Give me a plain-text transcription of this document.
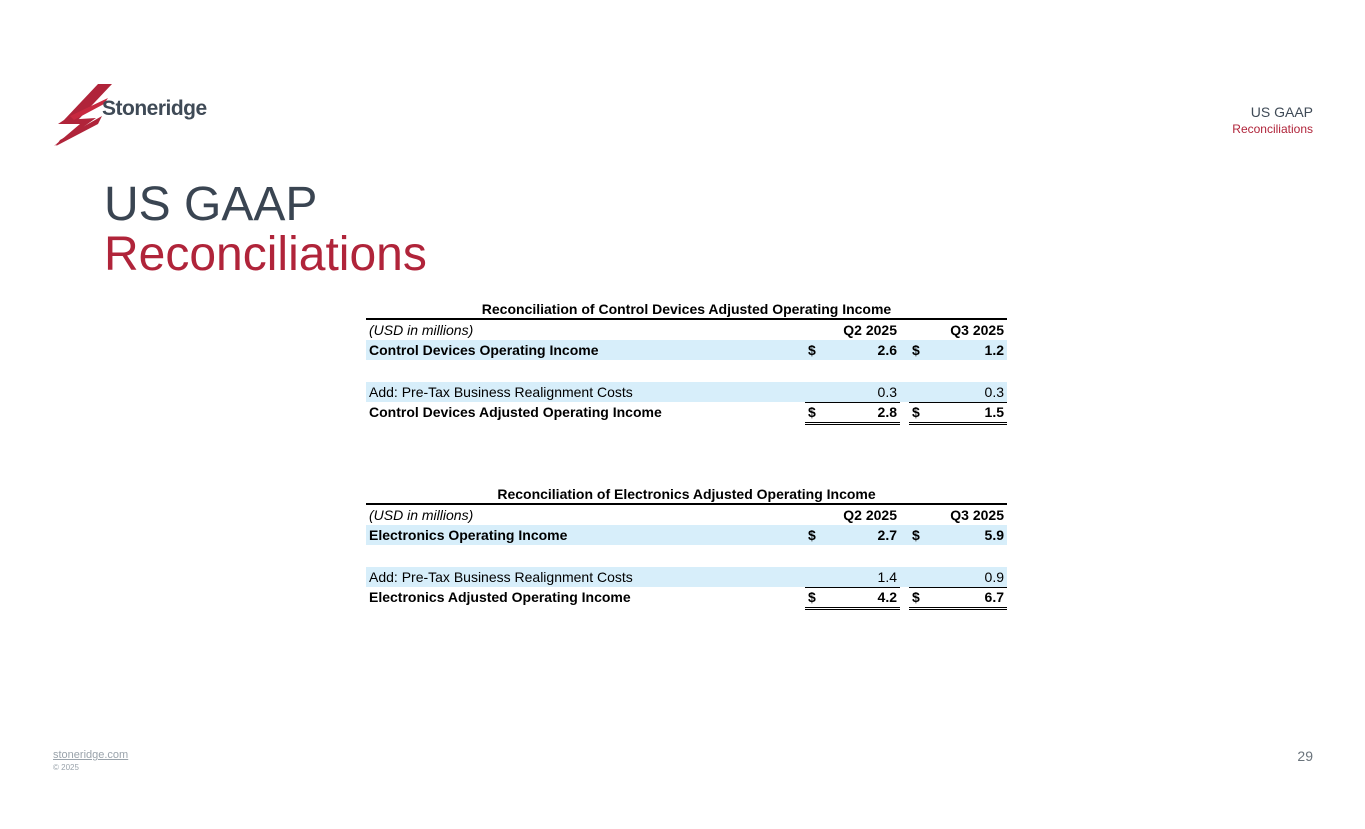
Stoneridge	US GAAP
Reconciliations
US GAAP
Reconciliations
Reconciliation of Control Devices Adjusted Operating Income
(USD in millions)	Q2 2025	Q3 2025
Control Devices Operating Income	$	2.6 $	1.2
Add: Pre-Tax Business Realignment Costs	0.3	0.3
Control Devices Adjusted Operating Income	$	2.8 $	1.5
Reconciliation of Electronics Adjusted Operating Income
(USD in millions)	Q2 2025	Q3 2025
Electronics Operating Income	$	2.7 $	5.9
Add: Pre-Tax Business Realignment Costs	1.4	0.9
Electronics Adjusted Operating Income	$	4.2 $	6.7
stoneridge.com
© 2025
29
